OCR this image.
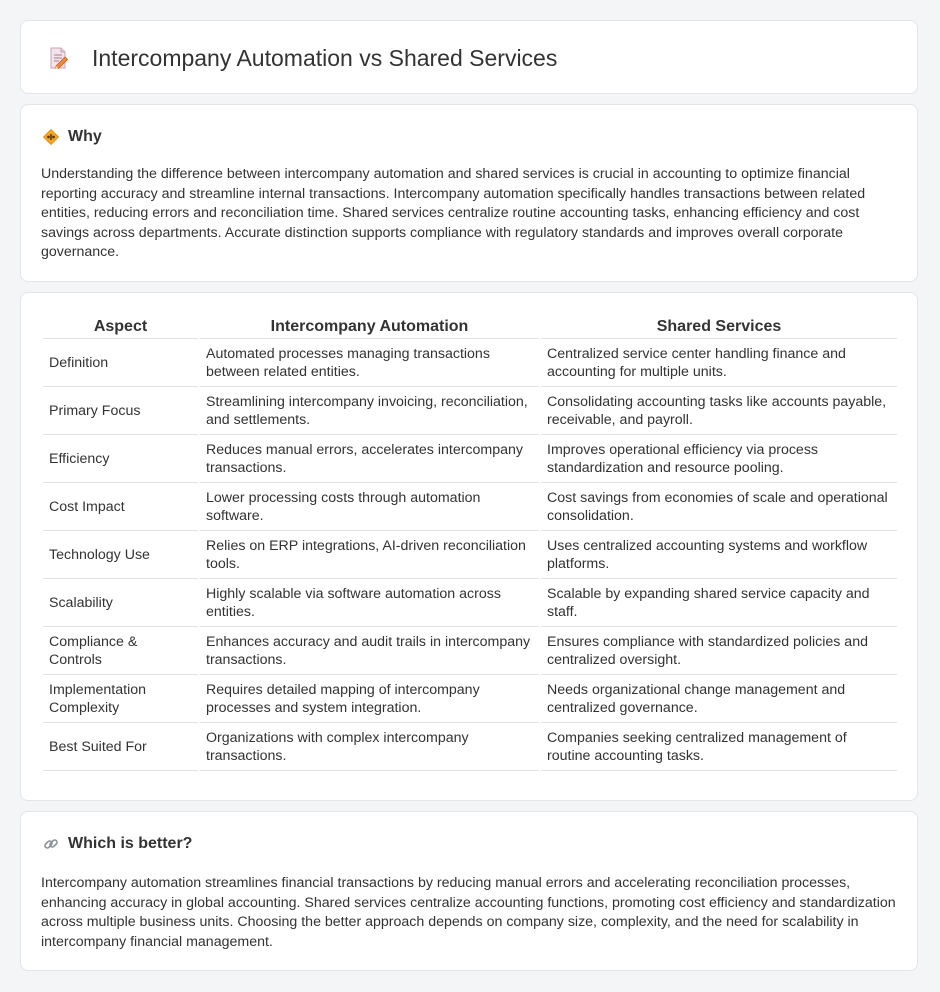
Intercompany Automation vs Shared Services
Why

Understanding the difference between intercompany automation and shared services is crucial in accounting to optimize financial reporting accuracy and streamline internal transactions. Intercompany automation specifically handles transactions between related entities, reducing errors and reconciliation time. Shared services centralize routine accounting tasks, enhancing efficiency and cost savings across departments. Accurate distinction supports compliance with regulatory standards and improves overall corporate governance.

Aspect	Intercompany Automation	Shared Services
Definition	Automated processes managing transactions between related entities.	Centralized service center handling finance and accounting for multiple units.
Primary Focus	Streamlining intercompany invoicing, reconciliation, and settlements.	Consolidating accounting tasks like accounts payable, receivable, and payroll.
Efficiency	Reduces manual errors, accelerates intercompany transactions.	Improves operational efficiency via process standardization and resource pooling.
Cost Impact	Lower processing costs through automation software.	Cost savings from economies of scale and operational consolidation.
Technology Use	Relies on ERP integrations, AI-driven reconciliation tools.	Uses centralized accounting systems and workflow platforms.
Scalability	Highly scalable via software automation across entities.	Scalable by expanding shared service capacity and staff.
Compliance & Controls	Enhances accuracy and audit trails in intercompany transactions.	Ensures compliance with standardized policies and centralized oversight.
Implementation Complexity	Requires detailed mapping of intercompany processes and system integration.	Needs organizational change management and centralized governance.
Best Suited For	Organizations with complex intercompany transactions.	Companies seeking centralized management of routine accounting tasks.
Which is better?

Intercompany automation streamlines financial transactions by reducing manual errors and accelerating reconciliation processes, enhancing accuracy in global accounting. Shared services centralize accounting functions, promoting cost efficiency and standardization across multiple business units. Choosing the better approach depends on company size, complexity, and the need for scalability in intercompany financial management.
